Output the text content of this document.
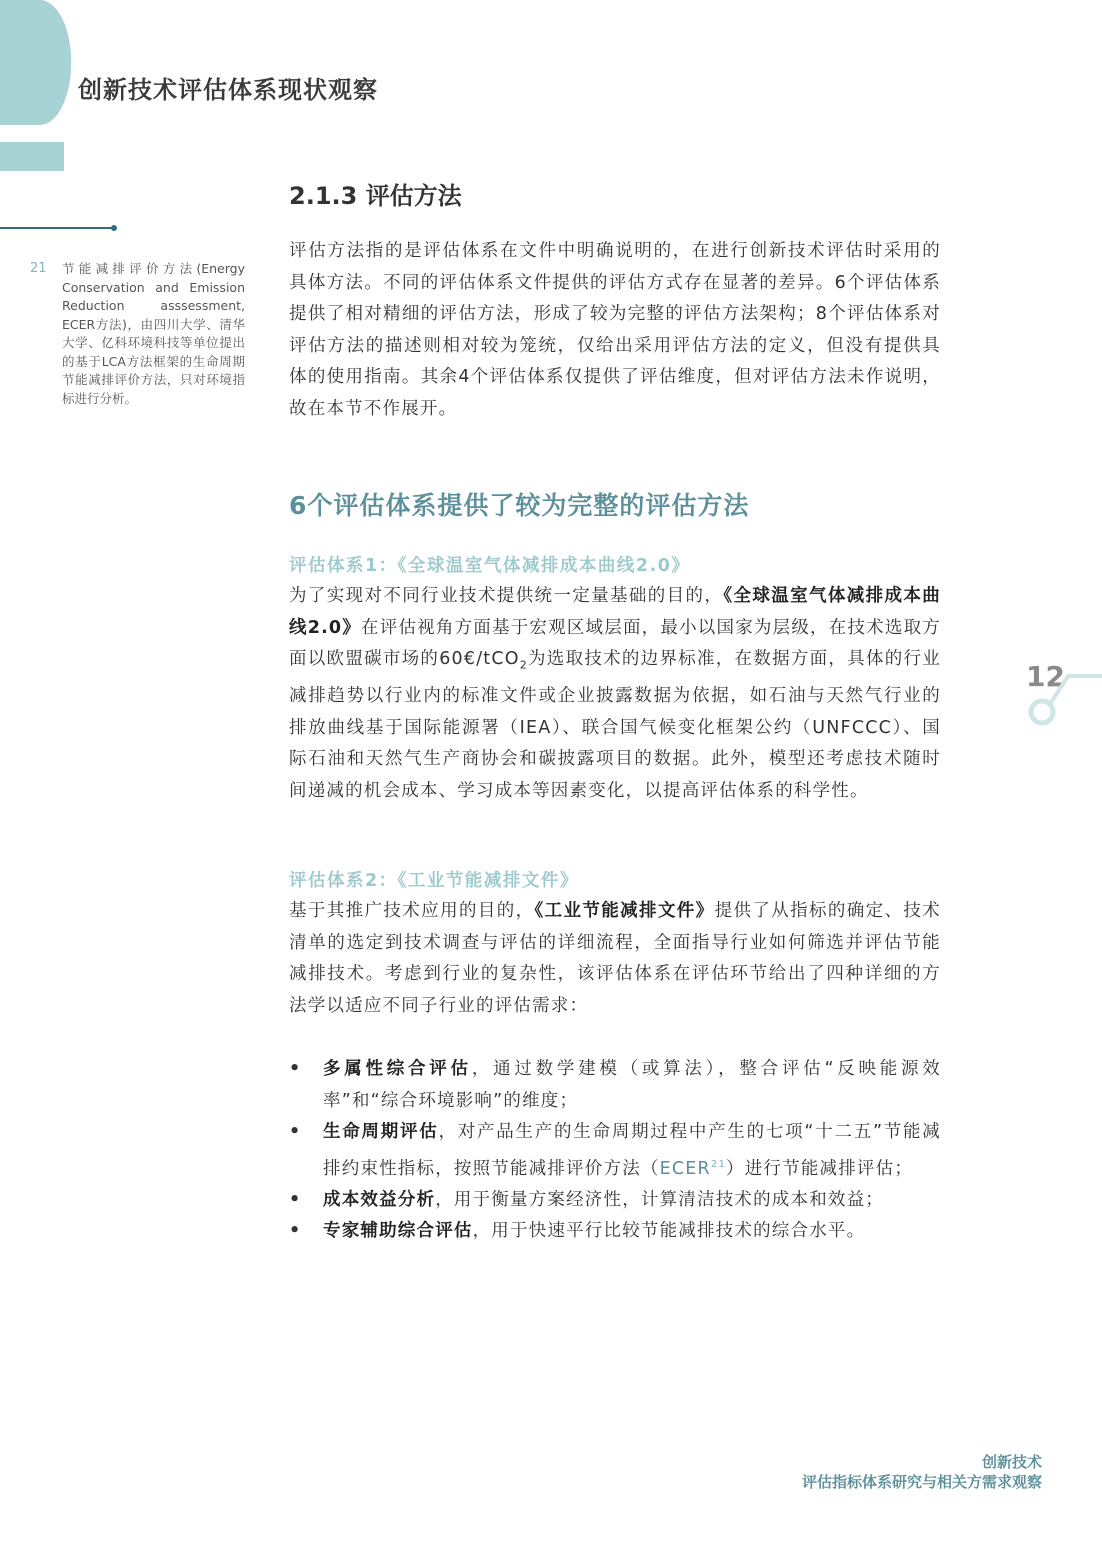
创新技术评估体系现状观察
21 节能减排评价方法(Energy Conservation and Emission Reduction asssessment, ECER方法)，由四川大学、清华大学、亿科环境科技等单位提出的基于LCA方法框架的生命周期节能减排评价方法，只对环境指标进行分析。
2.1.3 评估方法
评估方法指的是评估体系在文件中明确说明的，在进行创新技术评估时采用的具体方法。不同的评估体系文件提供的评估方式存在显著的差异。6个评估体系提供了相对精细的评估方法，形成了较为完整的评估方法架构；8个评估体系对评估方法的描述则相对较为笼统，仅给出采用评估方法的定义，但没有提供具体的使用指南。其余4个评估体系仅提供了评估维度，但对评估方法未作说明，故在本节不作展开。
6个评估体系提供了较为完整的评估方法
评估体系1：《全球温室气体减排成本曲线2.0》
为了实现对不同行业技术提供统一定量基础的目的，《全球温室气体减排成本曲线2.0》在评估视角方面基于宏观区域层面，最小以国家为层级，在技术选取方面以欧盟碳市场的60€/tCO$_2$为选取技术的边界标准，在数据方面，具体的行业减排趋势以行业内的标准文件或企业披露数据为依据，如石油与天然气行业的排放曲线基于国际能源署（IEA）、联合国气候变化框架公约（UNFCCC）、国际石油和天然气生产商协会和碳披露项目的数据。此外，模型还考虑技术随时间递减的机会成本、学习成本等因素变化，以提高评估体系的科学性。
评估体系2：《工业节能减排文件》
基于其推广技术应用的目的，《工业节能减排文件》提供了从指标的确定、技术清单的选定到技术调查与评估的详细流程，全面指导行业如何筛选并评估节能减排技术。考虑到行业的复杂性，该评估体系在评估环节给出了四种详细的方法学以适应不同子行业的评估需求：
• 多属性综合评估，通过数学建模（或算法），整合评估“反映能源效率”和“综合环境影响”的维度；
• 生命周期评估，对产品生产的生命周期过程中产生的七项“十二五”节能减排约束性指标，按照节能减排评价方法（ECER$^{21}$）进行节能减排评估；
• 成本效益分析，用于衡量方案经济性，计算清洁技术的成本和效益；
• 专家辅助综合评估，用于快速平行比较节能减排技术的综合水平。
12
创新技术
评估指标体系研究与相关方需求观察
